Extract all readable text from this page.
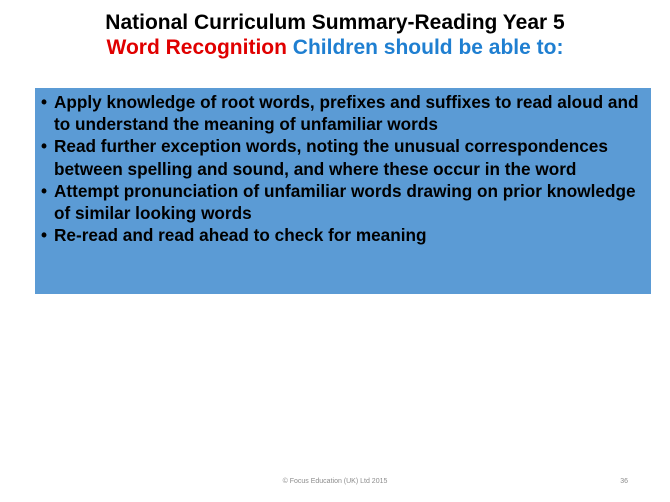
National Curriculum Summary-Reading Year 5
Word Recognition Children should be able to:
• Apply knowledge of root words, prefixes and suffixes to read aloud and to understand the meaning of unfamiliar words
• Read further exception words, noting the unusual correspondences between spelling and sound, and where these occur in the word
• Attempt pronunciation of unfamiliar words drawing on prior knowledge of similar looking words
• Re-read and read ahead to check for meaning
© Focus Education (UK) Ltd 2015	36
